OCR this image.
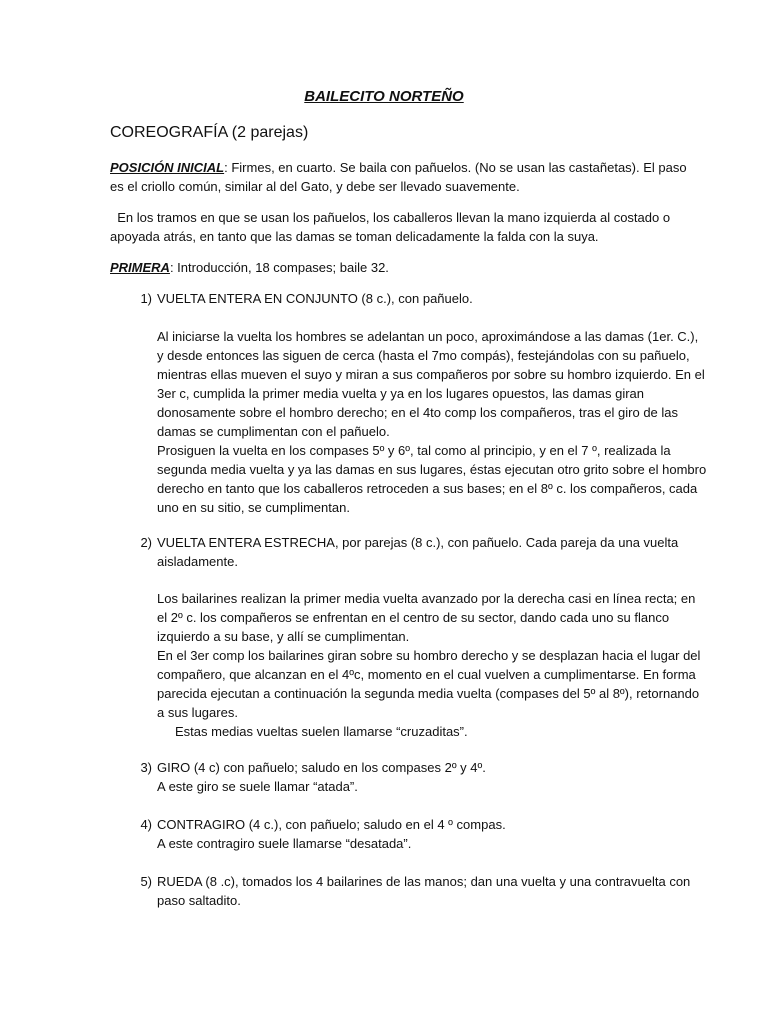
BAILECITO NORTEÑO
COREOGRAFÍA (2 parejas)
POSICIÓN INICIAL: Firmes, en cuarto. Se baila con pañuelos. (No se usan las castañetas). El paso es el criollo común, similar al del Gato, y debe ser llevado suavemente.
En los tramos en que se usan los pañuelos, los caballeros llevan la mano izquierda al costado o apoyada atrás, en tanto que las damas se toman delicadamente la falda con la suya.
PRIMERA: Introducción, 18 compases; baile 32.
1) VUELTA ENTERA EN CONJUNTO (8 c.), con pañuelo.

Al iniciarse la vuelta los hombres se adelantan un poco, aproximándose a las damas (1er. C.), y desde entonces las siguen de cerca (hasta el 7mo compás), festejándolas con su pañuelo, mientras ellas mueven el suyo y miran a sus compañeros por sobre su hombro izquierdo. En el 3er c, cumplida la primer media vuelta y ya en los lugares opuestos, las damas giran donosamente sobre el hombro derecho; en el 4to comp los compañeros, tras el giro de las damas se cumplimentan con el pañuelo.

Prosiguen la vuelta en los compases 5º y 6º, tal como al principio, y en el 7 º, realizada la segunda media vuelta y ya las damas en sus lugares, éstas ejecutan otro grito sobre el hombro derecho en tanto que los caballeros retroceden a sus bases; en el 8º c. los compañeros, cada uno en su sitio, se cumplimentan.

2) VUELTA ENTERA ESTRECHA, por parejas (8 c.), con pañuelo. Cada pareja da una vuelta aisladamente.

Los bailarines realizan la primer media vuelta avanzado por la derecha casi en línea recta; en el 2º c. los compañeros se enfrentan en el centro de su sector, dando cada uno su flanco izquierdo a su base, y allí se cumplimentan.

En el 3er comp los bailarines giran sobre su hombro derecho y se desplazan hacia el lugar del compañero, que alcanzan en el 4ºc, momento en el cual vuelven a cumplimentarse. En forma parecida ejecutan a continuación la segunda media vuelta (compases del 5º al 8º), retornando a sus lugares.

Estas medias vueltas suelen llamarse “cruzaditas”.

3) GIRO (4 c) con pañuelo; saludo en los compases 2º y 4º.
A este giro se suele llamar “atada”.
4) CONTRAGIRO (4 c.), con pañuelo; saludo en el 4 º compas.
A este contragiro suele llamarse “desatada”.
5) RUEDA (8 .c), tomados los 4 bailarines de las manos; dan una vuelta y una contravuelta con paso saltadito.
